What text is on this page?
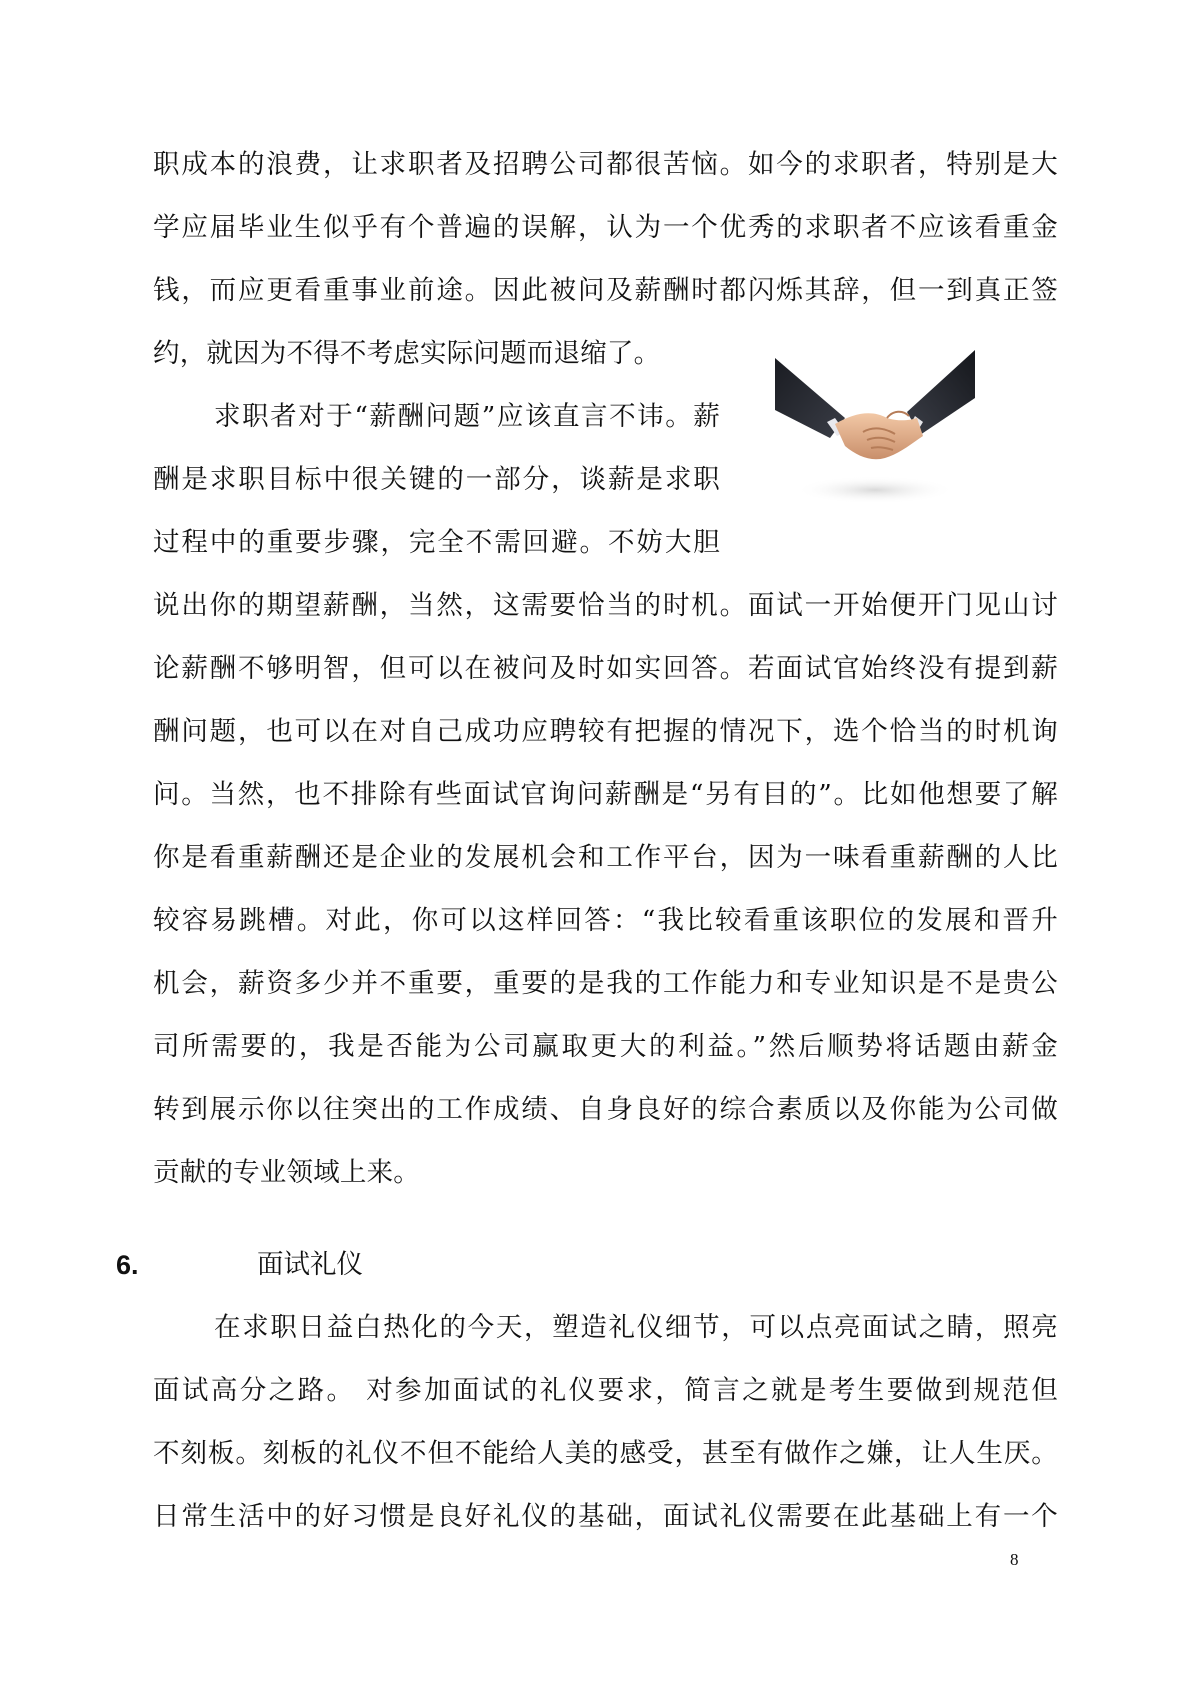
职成本的浪费，让求职者及招聘公司都很苦恼。如今的求职者，特别是大
学应届毕业生似乎有个普遍的误解，认为一个优秀的求职者不应该看重金
钱，而应更看重事业前途。因此被问及薪酬时都闪烁其辞，但一到真正签
约，就因为不得不考虑实际问题而退缩了。
求职者对于“薪酬问题”应该直言不讳。薪
酬是求职目标中很关键的一部分，谈薪是求职
过程中的重要步骤，完全不需回避。不妨大胆
说出你的期望薪酬，当然，这需要恰当的时机。面试一开始便开门见山讨
论薪酬不够明智，但可以在被问及时如实回答。若面试官始终没有提到薪
酬问题，也可以在对自己成功应聘较有把握的情况下，选个恰当的时机询
问。当然，也不排除有些面试官询问薪酬是“另有目的”。比如他想要了解
你是看重薪酬还是企业的发展机会和工作平台，因为一味看重薪酬的人比
较容易跳槽。对此，你可以这样回答：“我比较看重该职位的发展和晋升
机会，薪资多少并不重要，重要的是我的工作能力和专业知识是不是贵公
司所需要的，我是否能为公司赢取更大的利益。”然后顺势将话题由薪金
转到展示你以往突出的工作成绩、自身良好的综合素质以及你能为公司做
贡献的专业领域上来。
6.	面试礼仪
在求职日益白热化的今天，塑造礼仪细节，可以点亮面试之睛，照亮
面试高分之路。 对参加面试的礼仪要求，简言之就是考生要做到规范但
不刻板。刻板的礼仪不但不能给人美的感受，甚至有做作之嫌，让人生厌。
日常生活中的好习惯是良好礼仪的基础，面试礼仪需要在此基础上有一个
8
